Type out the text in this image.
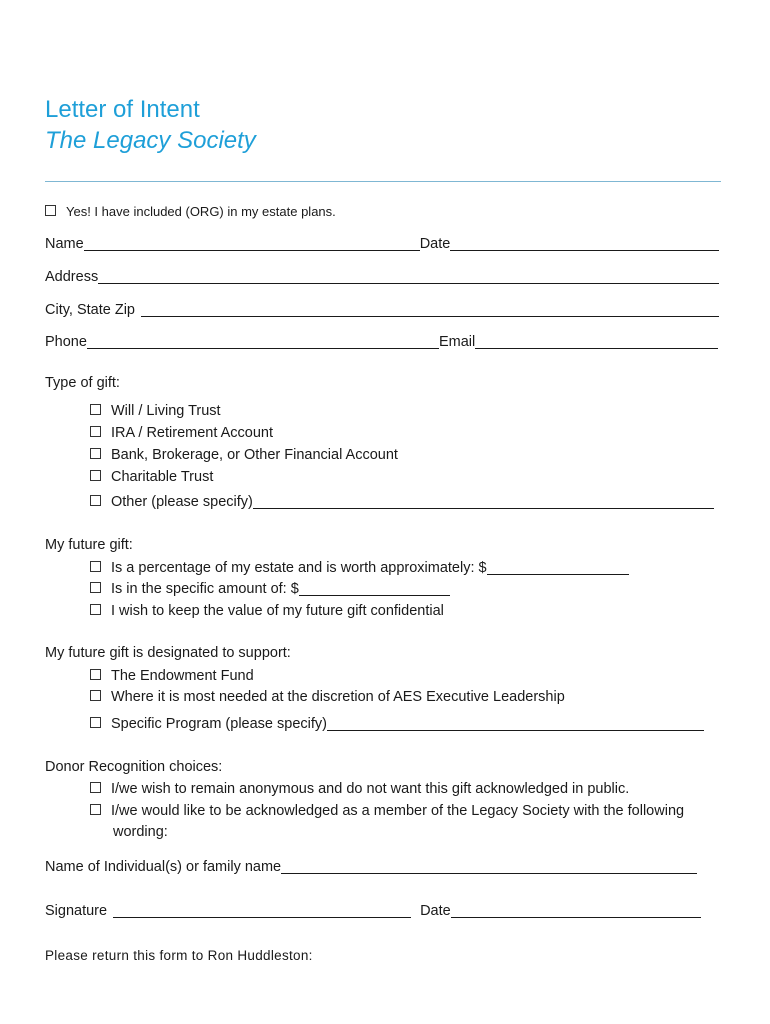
Letter of Intent
The Legacy Society
Yes! I have included (ORG) in my estate plans.
Name	Date
Address
City, State Zip
Phone	Email
Type of gift:
Will / Living Trust
IRA / Retirement Account
Bank, Brokerage, or Other Financial Account
Charitable Trust
Other (please specify)
My future gift:
Is a percentage of my estate and is worth approximately: $
Is in the specific amount of: $
I wish to keep the value of my future gift confidential
My future gift is designated to support:
The Endowment Fund
Where it is most needed at the discretion of AES Executive Leadership
Specific Program (please specify)
Donor Recognition choices:
I/we wish to remain anonymous and do not want this gift acknowledged in public.
I/we would like to be acknowledged as a member of the Legacy Society with the following
wording:
Name of Individual(s) or family name
Signature	Date
Please return this form to Ron Huddleston:
